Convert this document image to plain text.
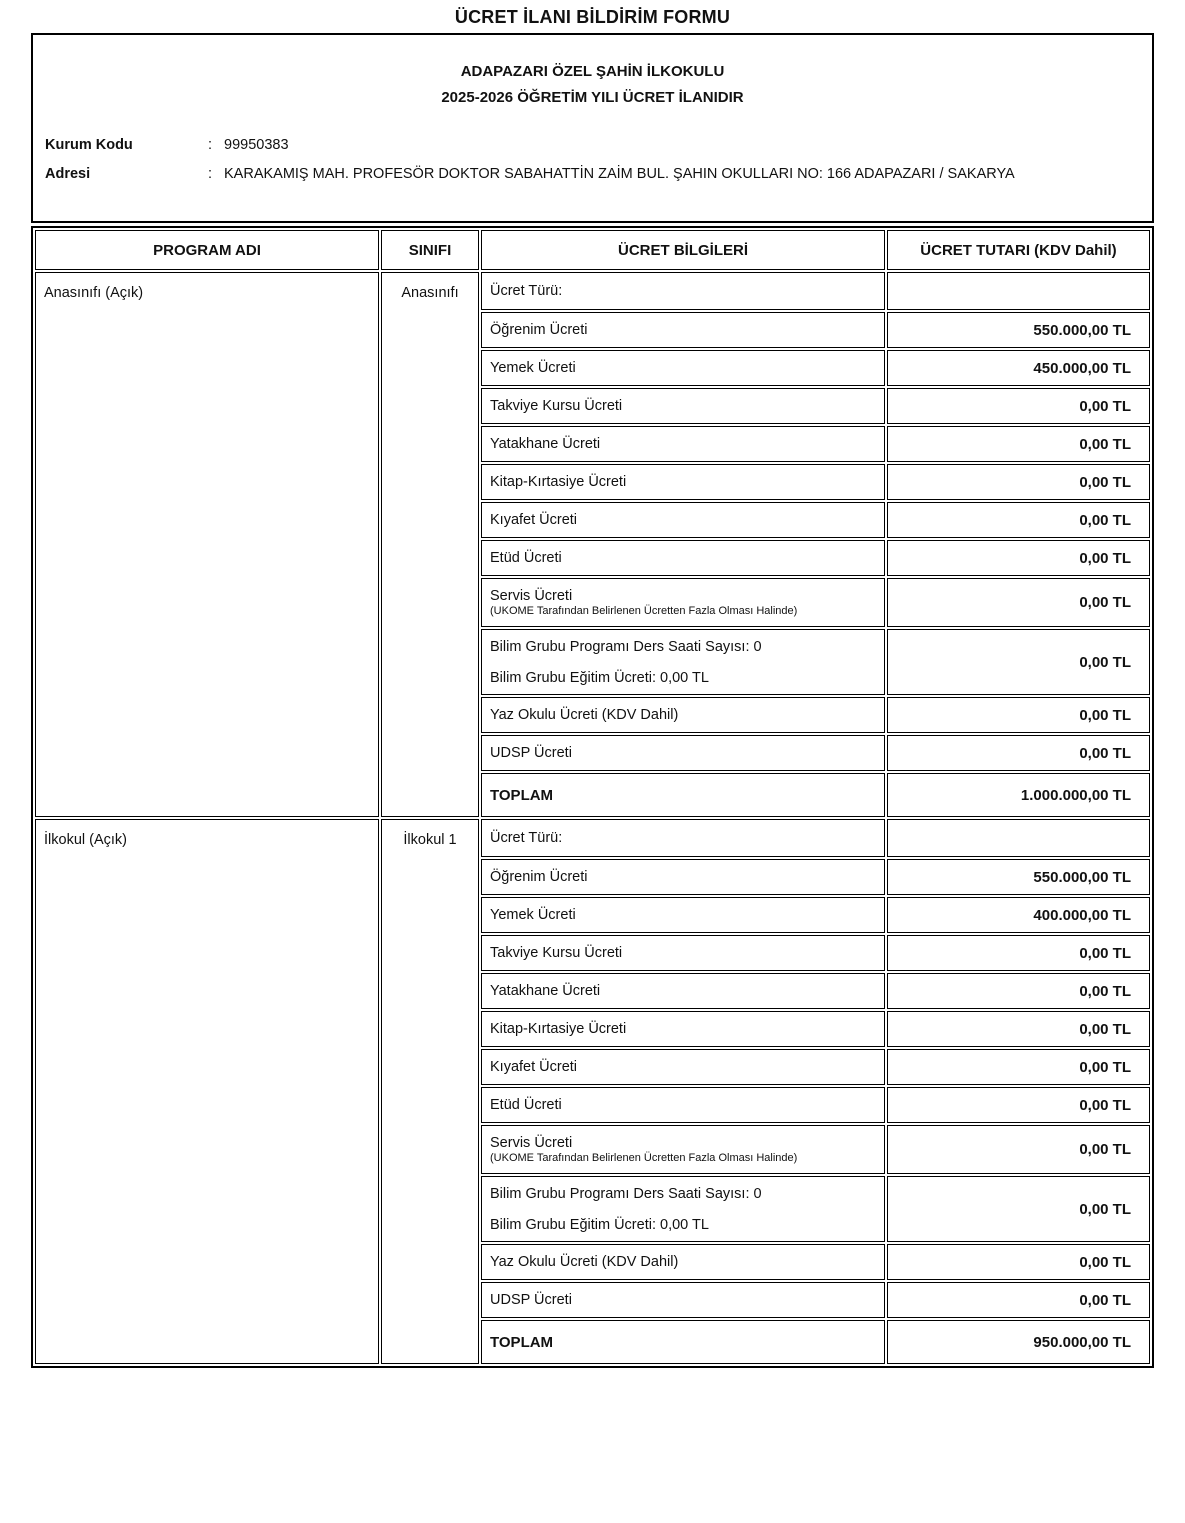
ÜCRET İLANI BİLDİRİM FORMU
ADAPAZARI ÖZEL ŞAHİN İLKOKULU
2025-2026 ÖĞRETİM YILI ÜCRET İLANIDIR
Kurum Kodu	: 99950383
Adresi	: KARAKAMIŞ MAH. PROFESÖR DOKTOR SABAHATTİN ZAİM BUL. ŞAHIN OKULLARI NO: 166 ADAPAZARI / SAKARYA
PROGRAM ADI	SINIFI	ÜCRET BİLGİLERİ	ÜCRET TUTARI (KDV Dahil)
Anasınıfı (Açık)	Anasınıfı	Ücret Türü:	

		Öğrenim Ücreti	550.000,00 TL

		Yemek Ücreti	450.000,00 TL

		Takviye Kursu Ücreti	0,00 TL

		Yatakhane Ücreti	0,00 TL

		Kitap-Kırtasiye Ücreti	0,00 TL

		Kıyafet Ücreti	0,00 TL

		Etüd Ücreti	0,00 TL

		Servis Ücreti
(UKOME Tarafından Belirlenen Ücretten Fazla Olması Halinde)	0,00 TL

		Bilim Grubu Programı Ders Saati Sayısı: 0
Bilim Grubu Eğitim Ücreti: 0,00 TL	0,00 TL

		Yaz Okulu Ücreti (KDV Dahil)	0,00 TL

		UDSP Ücreti	0,00 TL

		TOPLAM	1.000.000,00 TL
İlkokul (Açık)	İlkokul 1	Ücret Türü:	

		Öğrenim Ücreti	550.000,00 TL

		Yemek Ücreti	400.000,00 TL

		Takviye Kursu Ücreti	0,00 TL

		Yatakhane Ücreti	0,00 TL

		Kitap-Kırtasiye Ücreti	0,00 TL

		Kıyafet Ücreti	0,00 TL

		Etüd Ücreti	0,00 TL

		Servis Ücreti
(UKOME Tarafından Belirlenen Ücretten Fazla Olması Halinde)	0,00 TL

		Bilim Grubu Programı Ders Saati Sayısı: 0
Bilim Grubu Eğitim Ücreti: 0,00 TL	0,00 TL

		Yaz Okulu Ücreti (KDV Dahil)	0,00 TL

		UDSP Ücreti	0,00 TL

		TOPLAM	950.000,00 TL
